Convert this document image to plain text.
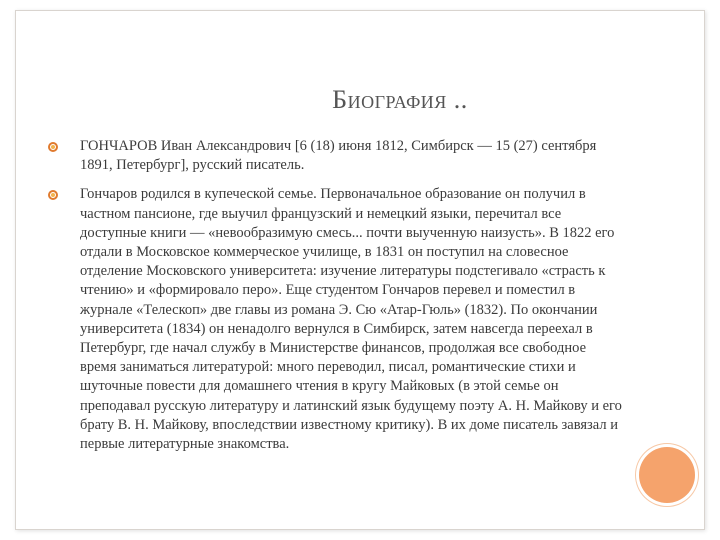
Биография ..
ГОНЧАРОВ Иван Александрович [6 (18) июня 1812, Симбирск — 15 (27) сентября 1891, Петербург], русский писатель.
Гончаров родился в купеческой семье. Первоначальное образование он получил в частном пансионе, где выучил французский и немецкий языки, перечитал все доступные книги — «невообразимую смесь... почти выученную наизусть». В 1822 его отдали в Московское коммерческое училище, в 1831 он поступил на словесное отделение Московского университета: изучение литературы подстегивало «страсть к чтению» и «формировало перо». Еще студентом Гончаров перевел и поместил в журнале «Телескоп» две главы из романа Э. Сю «Атар-Гюль» (1832). По окончании университета (1834) он ненадолго вернулся в Симбирск, затем навсегда переехал в Петербург, где начал службу в Министерстве финансов, продолжая все свободное время заниматься литературой: много переводил, писал, романтические стихи и шуточные повести для домашнего чтения в кругу Майковых (в этой семье он преподавал русскую литературу и латинский язык будущему поэту А. Н. Майкову и его брату В. Н. Майкову, впоследствии известному критику). В их доме писатель завязал и первые литературные знакомства.
